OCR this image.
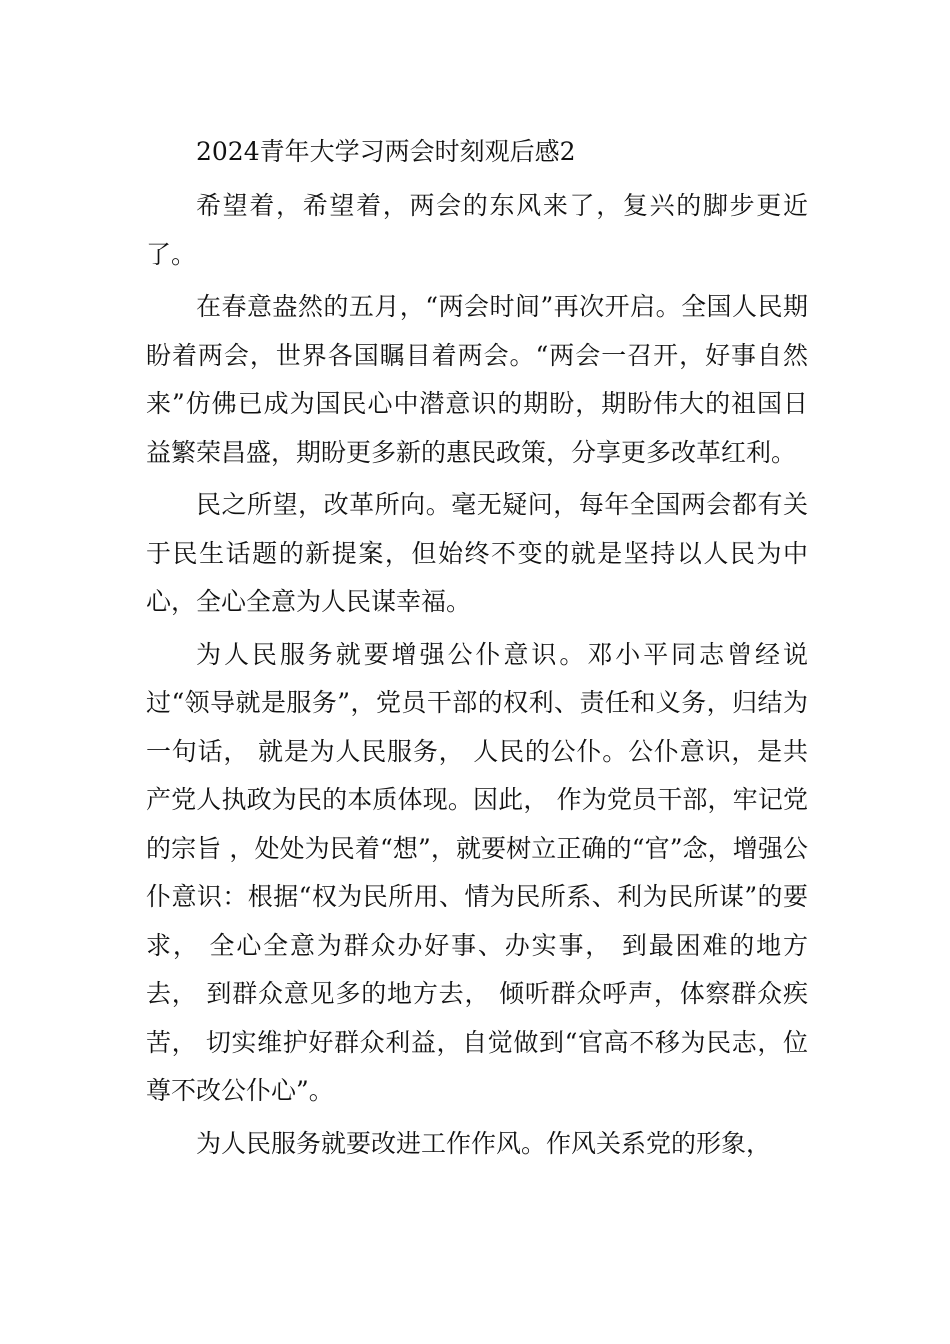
2024青年大学习两会时刻观后感2

希望着，希望着，两会的东风来了，复兴的脚步更近了。

在春意盎然的五月，“两会时间”再次开启。全国人民期盼着两会，世界各国瞩目着两会。“两会一召开，好事自然来”仿佛已成为国民心中潜意识的期盼，期盼伟大的祖国日益繁荣昌盛，期盼更多新的惠民政策，分享更多改革红利。

民之所望，改革所向。毫无疑问，每年全国两会都有关于民生话题的新提案，但始终不变的就是坚持以人民为中心，全心全意为人民谋幸福。

为人民服务就要增强公仆意识。邓小平同志曾经说过“领导就是服务”，党员干部的权利、责任和义务，归结为一句话， 就是为人民服务， 人民的公仆。公仆意识，是共产党人执政为民的本质体现。因此， 作为党员干部，牢记党的宗旨 ，处处为民着“想”，就要树立正确的“官”念，增强公仆意识：根据“权为民所用、情为民所系、利为民所谋”的要求， 全心全意为群众办好事、办实事， 到最困难的地方去， 到群众意见多的地方去， 倾听群众呼声，体察群众疾苦， 切实维护好群众利益，自觉做到“官高不移为民志，位尊不改公仆心”。

为人民服务就要改进工作作风。作风关系党的形象，
